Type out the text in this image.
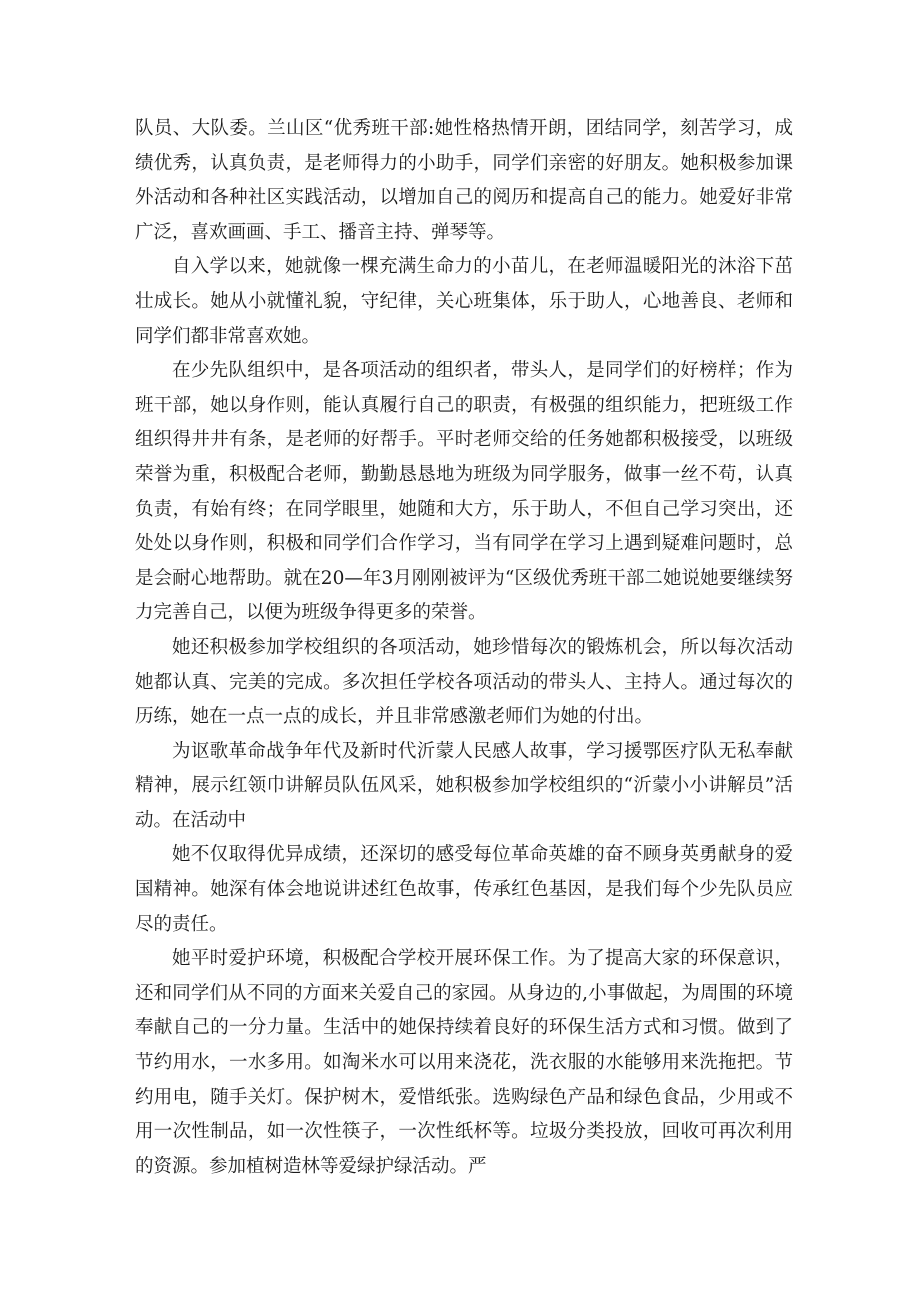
队员、大队委。兰山区“优秀班干部:她性格热情开朗，团结同学，刻苦学习，成绩优秀，认真负责，是老师得力的小助手，同学们亲密的好朋友。她积极参加课外活动和各种社区实践活动，以增加自己的阅历和提高自己的能力。她爱好非常广泛，喜欢画画、手工、播音主持、弹琴等。

自入学以来，她就像一棵充满生命力的小苗儿，在老师温暖阳光的沐浴下茁壮成长。她从小就懂礼貌，守纪律，关心班集体，乐于助人，心地善良、老师和同学们都非常喜欢她。

在少先队组织中，是各项活动的组织者，带头人，是同学们的好榜样；作为班干部，她以身作则，能认真履行自己的职责，有极强的组织能力，把班级工作组织得井井有条，是老师的好帮手。平时老师交给的任务她都积极接受，以班级荣誉为重，积极配合老师，勤勤恳恳地为班级为同学服务，做事一丝不苟，认真负责，有始有终；在同学眼里，她随和大方，乐于助人，不但自己学习突出，还处处以身作则，积极和同学们合作学习，当有同学在学习上遇到疑难问题时，总是会耐心地帮助。就在20—年3月刚刚被评为“区级优秀班干部二她说她要继续努力完善自己，以便为班级争得更多的荣誉。

她还积极参加学校组织的各项活动，她珍惜每次的锻炼机会，所以每次活动她都认真、完美的完成。多次担任学校各项活动的带头人、主持人。通过每次的历练，她在一点一点的成长，并且非常感激老师们为她的付出。

为讴歌革命战争年代及新时代沂蒙人民感人故事，学习援鄂医疗队无私奉献精神，展示红领巾讲解员队伍风采，她积极参加学校组织的“沂蒙小小讲解员”活动。在活动中

她不仅取得优异成绩，还深切的感受每位革命英雄的奋不顾身英勇献身的爱国精神。她深有体会地说讲述红色故事，传承红色基因，是我们每个少先队员应尽的责任。

她平时爱护环境，积极配合学校开展环保工作。为了提高大家的环保意识，还和同学们从不同的方面来关爱自己的家园。从身边的,小事做起，为周围的环境奉献自己的一分力量。生活中的她保持续着良好的环保生活方式和习惯。做到了节约用水，一水多用。如淘米水可以用来浇花，洗衣服的水能够用来洗拖把。节约用电，随手关灯。保护树木，爱惜纸张。选购绿色产品和绿色食品，少用或不用一次性制品，如一次性筷子，一次性纸杯等。垃圾分类投放，回收可再次利用的资源。参加植树造林等爱绿护绿活动。严
